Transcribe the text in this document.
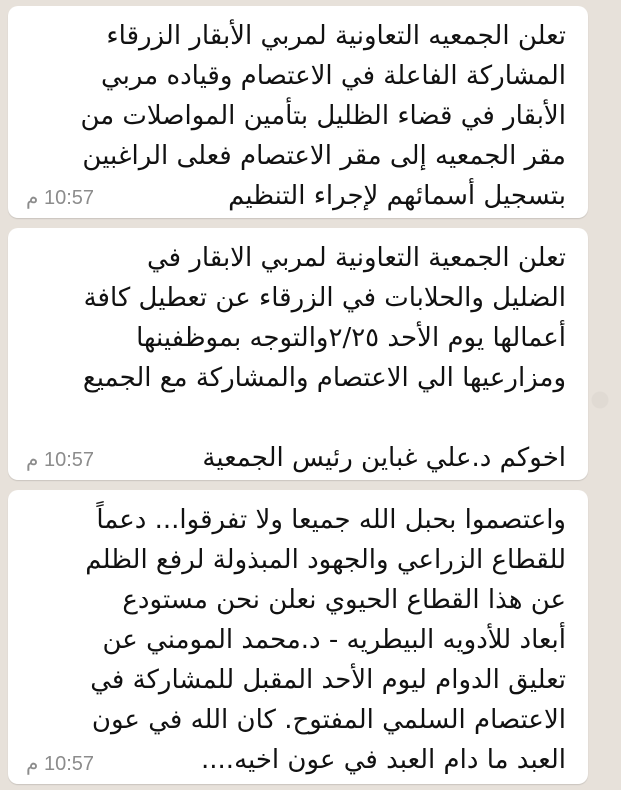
تعلن الجمعيه التعاونية لمربي الأبقار الزرقاء
المشاركة الفاعلة في الاعتصام وقياده مربي
الأبقار في قضاء الظليل بتأمين المواصلات من
مقر الجمعيه إلى مقر الاعتصام فعلى الراغبين
بتسجيل أسمائهم لإجراء التنظيم
10:57 م
تعلن الجمعية التعاونية لمربي الابقار في
الضليل والحلابات في الزرقاء عن تعطيل كافة
أعمالها يوم الأحد ٢/٢٥والتوجه بموظفينها
ومزارعيها الي الاعتصام والمشاركة مع الجميع

اخوكم د.علي غباين رئيس الجمعية
10:57 م
واعتصموا بحبل الله جميعا ولا تفرقوا... دعماً
للقطاع الزراعي والجهود المبذولة لرفع الظلم
عن هذا القطاع الحيوي نعلن نحن مستودع
أبعاد للأدويه البيطريه - د.محمد المومني عن
تعليق الدوام ليوم الأحد المقبل للمشاركة في
الاعتصام السلمي المفتوح. كان الله في عون
العبد ما دام العبد في عون اخيه....
10:57 م
